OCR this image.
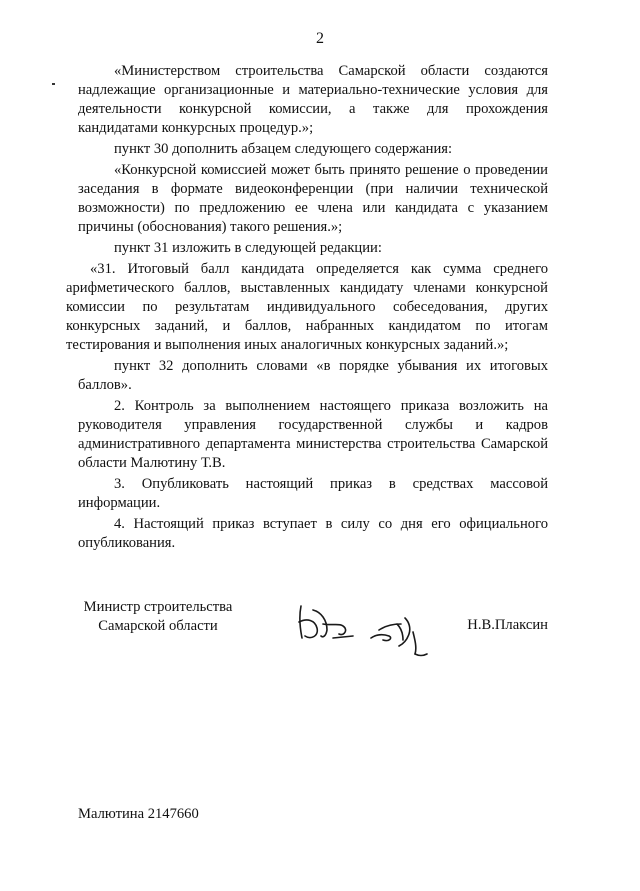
2

«Министерством строительства Самарской области создаются надлежащие организационные и материально-технические условия для деятельности конкурсной комиссии, а также для прохождения кандидатами конкурсных процедур.»;

пункт 30 дополнить абзацем следующего содержания:

«Конкурсной комиссией может быть принято решение о проведении заседания в формате видеоконференции (при наличии технической возможности) по предложению ее члена или кандидата с указанием причины (обоснования) такого решения.»;

пункт 31 изложить в следующей редакции:

«31. Итоговый балл кандидата определяется как сумма среднего арифметического баллов, выставленных кандидату членами конкурсной комиссии по результатам индивидуального собеседования, других конкурсных заданий, и баллов, набранных кандидатом по итогам тестирования и выполнения иных аналогичных конкурсных заданий.»;

пункт 32 дополнить словами «в порядке убывания их итоговых баллов».

2. Контроль за выполнением настоящего приказа возложить на руководителя управления государственной службы и кадров административного департамента министерства строительства Самарской области Малютину Т.В.

3. Опубликовать настоящий приказ в средствах массовой информации.

4. Настоящий приказ вступает в силу со дня его официального опубликования.

Министр строительства
Самарской области	Н.В.Плаксин
Малютина 2147660
